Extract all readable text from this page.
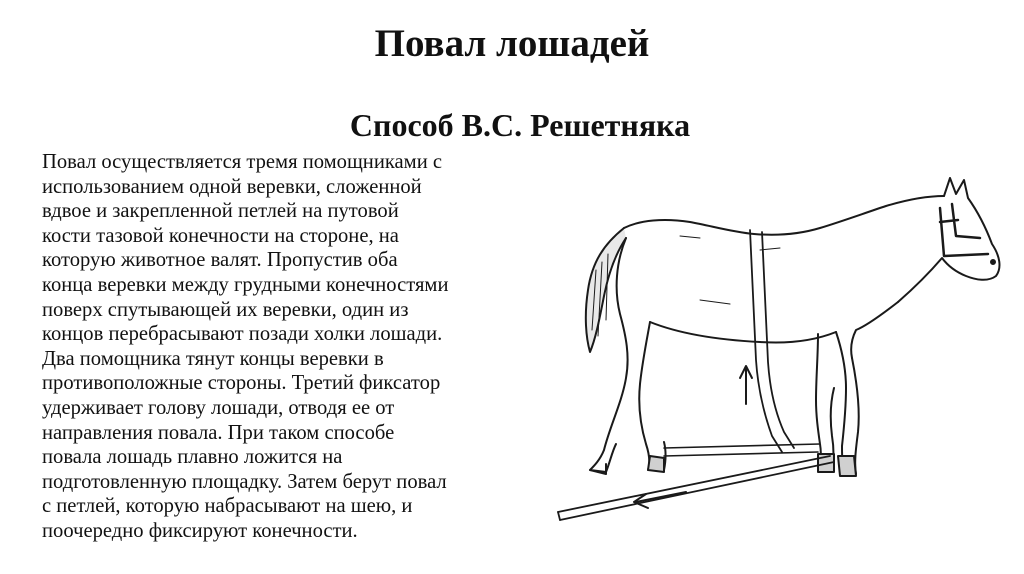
Повал лошадей
Способ В.С. Решетняка

Повал осуществляется тремя помощниками с
использованием одной веревки, сложенной
вдвое и закрепленной петлей на путовой
кости тазовой конечности на стороне, на
которую животное валят. Пропустив оба
конца веревки между грудными конечностями
поверх спутывающей их веревки, один из
концов перебрасывают позади холки лошади.
Два помощника тянут концы веревки в
противоположные стороны. Третий фиксатор
удерживает голову лошади, отводя ее от
направления повала. При таком способе
повала лошадь плавно ложится на
подготовленную площадку. Затем берут повал
с петлей, которую набрасывают на шею, и
поочередно фиксируют конечности.
